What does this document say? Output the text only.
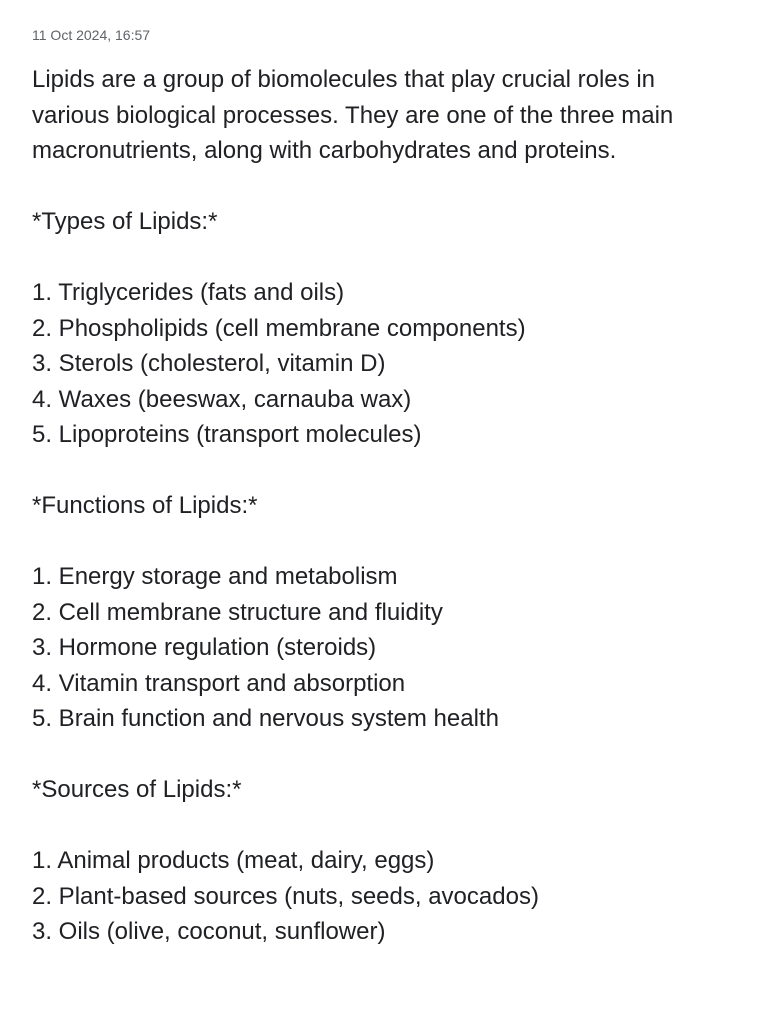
11 Oct 2024, 16:57
Lipids are a group of biomolecules that play crucial roles in
various biological processes. They are one of the three main
macronutrients, along with carbohydrates and proteins.
*Types of Lipids:*
1. Triglycerides (fats and oils)
2. Phospholipids (cell membrane components)
3. Sterols (cholesterol, vitamin D)
4. Waxes (beeswax, carnauba wax)
5. Lipoproteins (transport molecules)
*Functions of Lipids:*
1. Energy storage and metabolism
2. Cell membrane structure and fluidity
3. Hormone regulation (steroids)
4. Vitamin transport and absorption
5. Brain function and nervous system health
*Sources of Lipids:*
1. Animal products (meat, dairy, eggs)
2. Plant-based sources (nuts, seeds, avocados)
3. Oils (olive, coconut, sunflower)
